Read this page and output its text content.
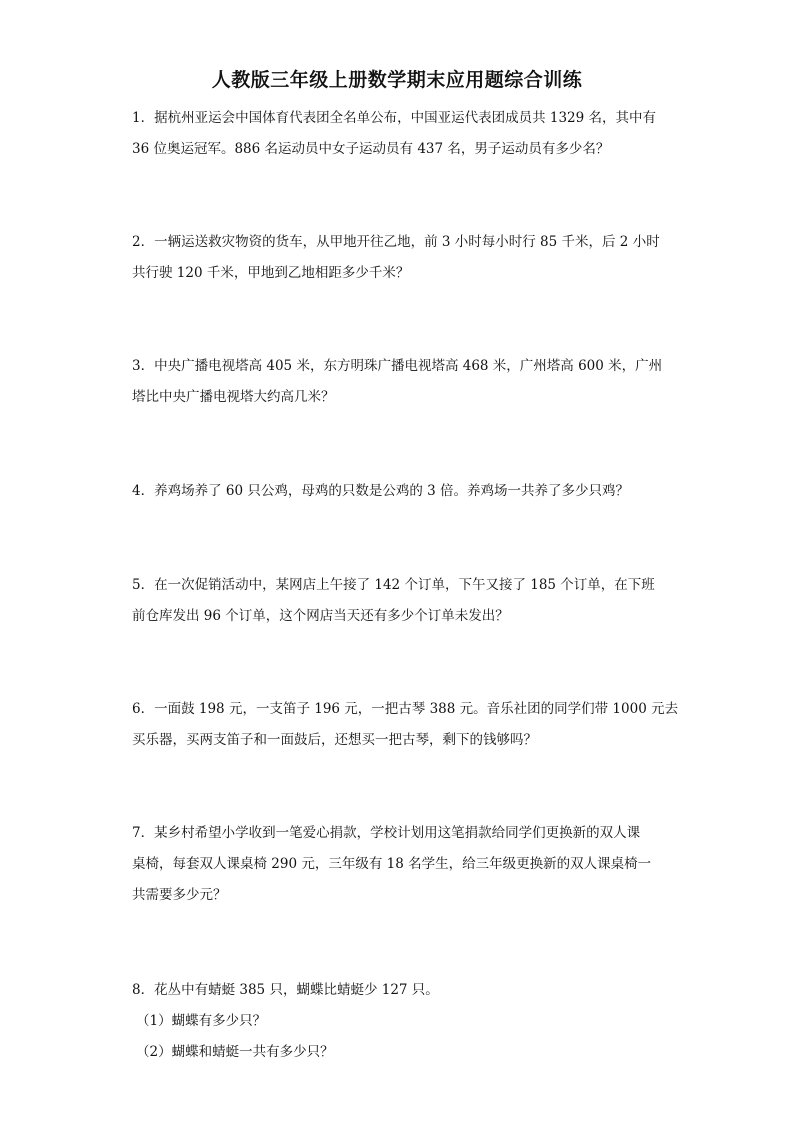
人教版三年级上册数学期末应用题综合训练
1．据杭州亚运会中国体育代表团全名单公布，中国亚运代表团成员共 1329 名，其中有
36 位奥运冠军。886 名运动员中女子运动员有 437 名，男子运动员有多少名？
2．一辆运送救灾物资的货车，从甲地开往乙地，前 3 小时每小时行 85 千米，后 2 小时
共行驶 120 千米，甲地到乙地相距多少千米？
3．中央广播电视塔高 405 米，东方明珠广播电视塔高 468 米，广州塔高 600 米，广州
塔比中央广播电视塔大约高几米？
4．养鸡场养了 60 只公鸡，母鸡的只数是公鸡的 3 倍。养鸡场一共养了多少只鸡？
5．在一次促销活动中，某网店上午接了 142 个订单，下午又接了 185 个订单，在下班
前仓库发出 96 个订单，这个网店当天还有多少个订单未发出？
6．一面鼓 198 元，一支笛子 196 元，一把古琴 388 元。音乐社团的同学们带 1000 元去
买乐器，买两支笛子和一面鼓后，还想买一把古琴，剩下的钱够吗？
7．某乡村希望小学收到一笔爱心捐款，学校计划用这笔捐款给同学们更换新的双人课
桌椅，每套双人课桌椅 290 元，三年级有 18 名学生，给三年级更换新的双人课桌椅一
共需要多少元？
8．花丛中有蜻蜓 385 只，蝴蝶比蜻蜓少 127 只。
（1）蝴蝶有多少只？
（2）蝴蝶和蜻蜓一共有多少只？
